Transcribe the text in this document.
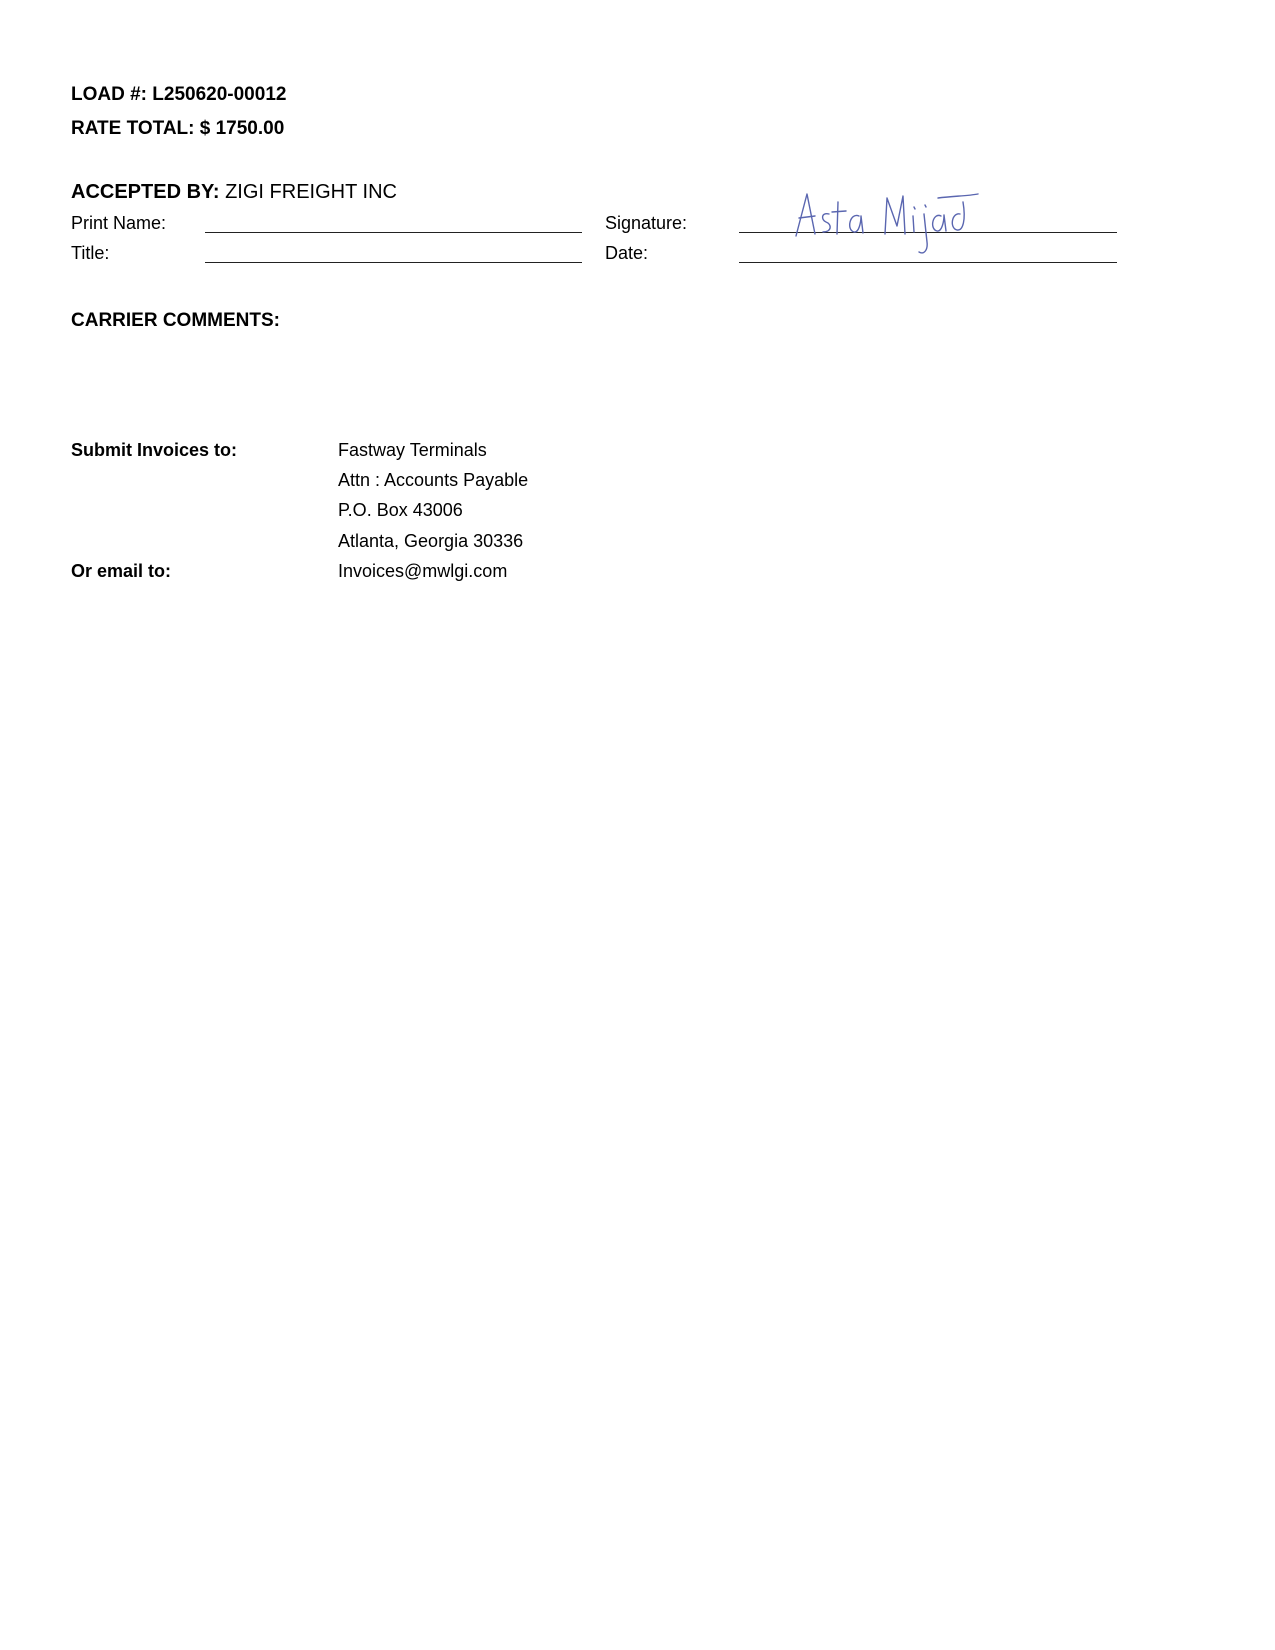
LOAD #: L250620-00012
RATE TOTAL: $ 1750.00
ACCEPTED BY: ZIGI FREIGHT INC
Print Name:	Signature:
Title:	Date:
CARRIER COMMENTS:
Submit Invoices to:	Fastway Terminals
Attn : Accounts Payable
P.O. Box 43006
Atlanta, Georgia 30336
Or email to:	Invoices@mwlgi.com
